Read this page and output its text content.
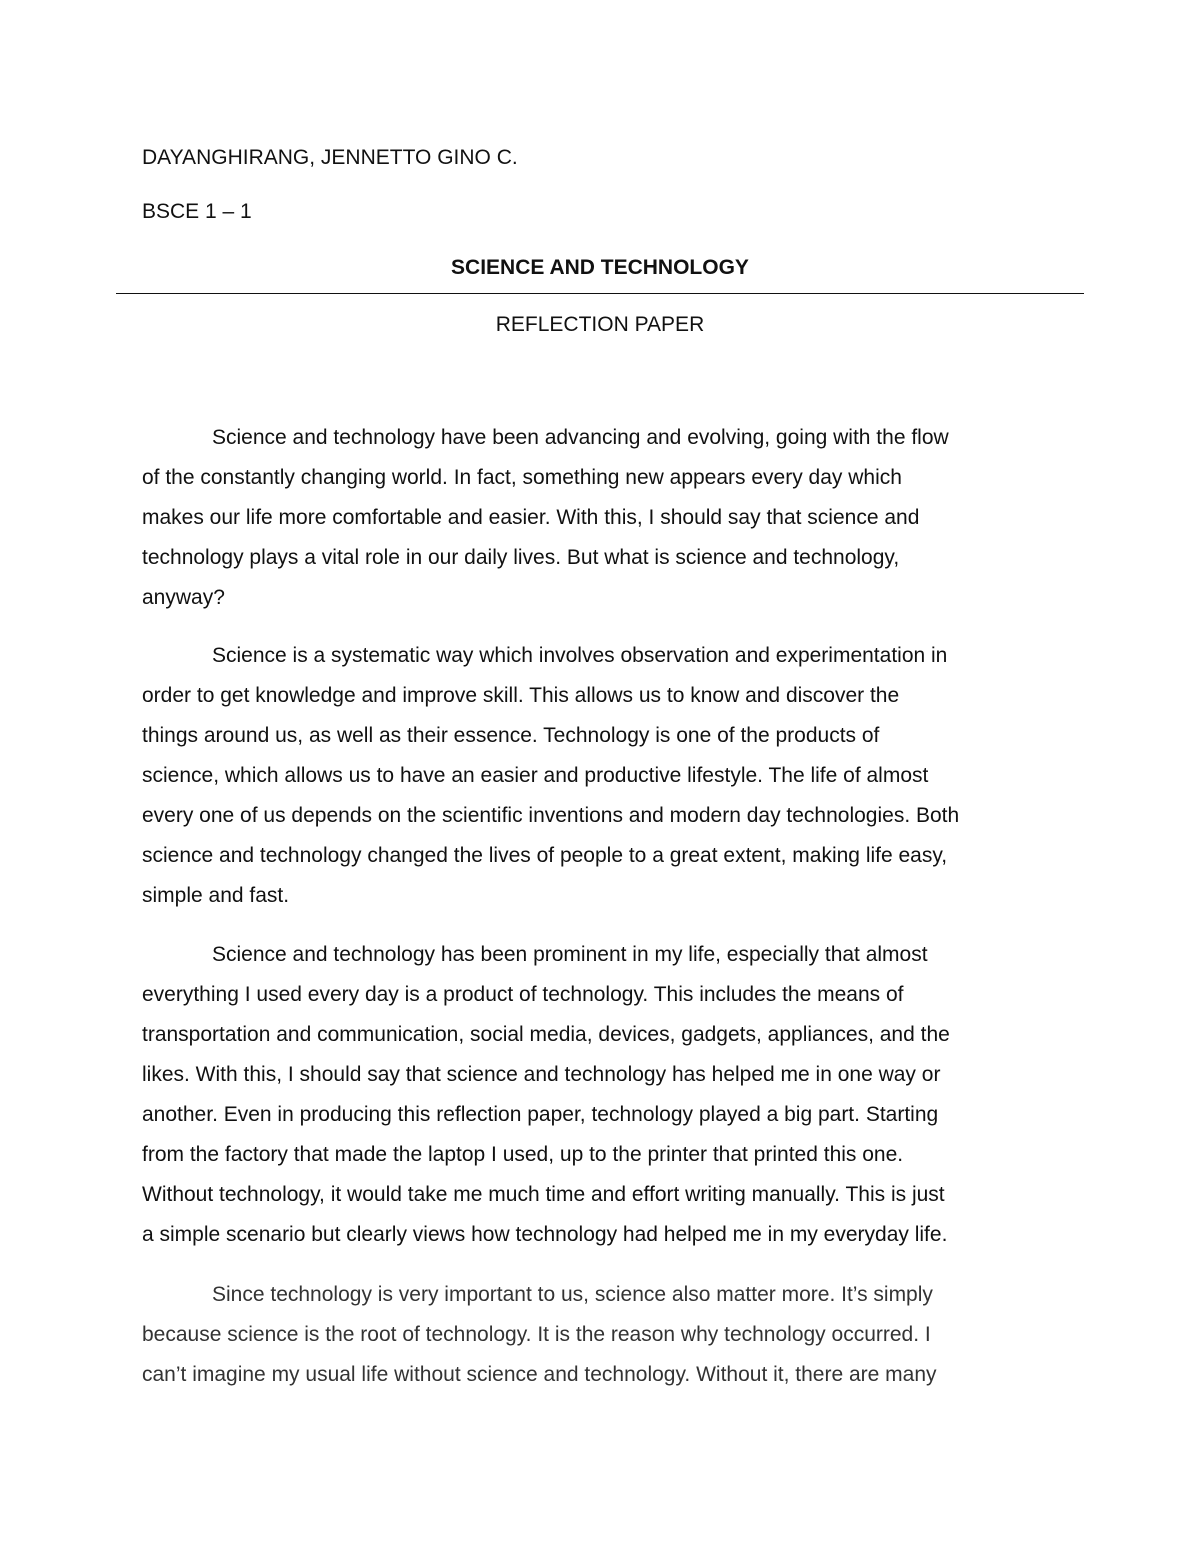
DAYANGHIRANG, JENNETTO GINO C.
BSCE 1 – 1
SCIENCE AND TECHNOLOGY
REFLECTION PAPER
Science and technology have been advancing and evolving, going with the flow
of the constantly changing world. In fact, something new appears every day which
makes our life more comfortable and easier. With this, I should say that science and
technology plays a vital role in our daily lives. But what is science and technology,
anyway?
Science is a systematic way which involves observation and experimentation in
order to get knowledge and improve skill. This allows us to know and discover the
things around us, as well as their essence. Technology is one of the products of
science, which allows us to have an easier and productive lifestyle. The life of almost
every one of us depends on the scientific inventions and modern day technologies. Both
science and technology changed the lives of people to a great extent, making life easy,
simple and fast.
Science and technology has been prominent in my life, especially that almost
everything I used every day is a product of technology. This includes the means of
transportation and communication, social media, devices, gadgets, appliances, and the
likes. With this, I should say that science and technology has helped me in one way or
another. Even in producing this reflection paper, technology played a big part. Starting
from the factory that made the laptop I used, up to the printer that printed this one.
Without technology, it would take me much time and effort writing manually. This is just
a simple scenario but clearly views how technology had helped me in my everyday life.
Since technology is very important to us, science also matter more. It’s simply
because science is the root of technology. It is the reason why technology occurred. I
can’t imagine my usual life without science and technology. Without it, there are many
